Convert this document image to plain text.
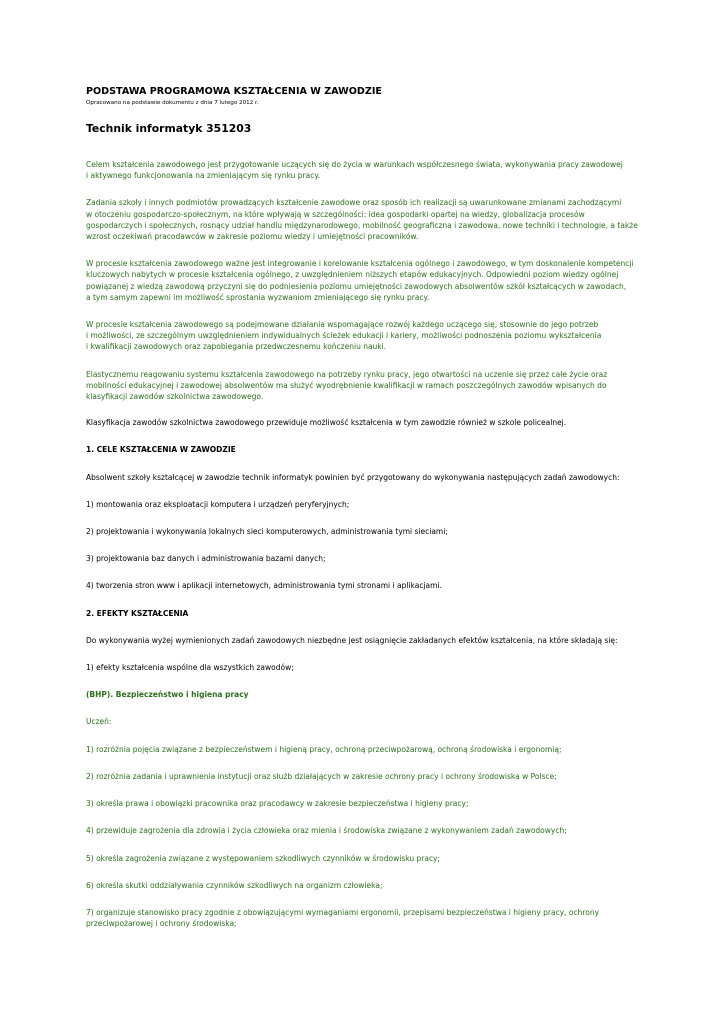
PODSTAWA PROGRAMOWA KSZTAŁCENIA W ZAWODZIE

Opracowano na podstawie dokumentu z dnia 7 lutego 2012 r.

Technik informatyk 351203

Celem kształcenia zawodowego jest przygotowanie uczących się do życia w warunkach współczesnego świata, wykonywania pracy zawodowej
i aktywnego funkcjonowania na zmieniającym się rynku pracy.

Zadania szkoły i innych podmiotów prowadzących kształcenie zawodowe oraz sposób ich realizacji są uwarunkowane zmianami zachodzącymi
w otoczeniu gospodarczo-społecznym, na które wpływają w szczególności: idea gospodarki opartej na wiedzy, globalizacja procesów
gospodarczych i społecznych, rosnący udział handlu międzynarodowego, mobilność geograficzna i zawodowa, nowe techniki i technologie, a także
wzrost oczekiwań pracodawców w zakresie poziomu wiedzy i umiejętności pracowników.

W procesie kształcenia zawodowego ważne jest integrowanie i korelowanie kształcenia ogólnego i zawodowego, w tym doskonalenie kompetencji
kluczowych nabytych w procesie kształcenia ogólnego, z uwzględnieniem niższych etapów edukacyjnych. Odpowiedni poziom wiedzy ogólnej
powiązanej z wiedzą zawodową przyczyni się do podniesienia poziomu umiejętności zawodowych absolwentów szkół kształcących w zawodach,
a tym samym zapewni im możliwość sprostania wyzwaniom zmieniającego się rynku pracy.

W procesie kształcenia zawodowego są podejmowane działania wspomagające rozwój każdego uczącego się, stosownie do jego potrzeb
i możliwości, ze szczególnym uwzględnieniem indywidualnych ścieżek edukacji i kariery, możliwości podnoszenia poziomu wykształcenia
i kwalifikacji zawodowych oraz zapobiegania przedwczesnemu kończeniu nauki.

Elastycznemu reagowaniu systemu kształcenia zawodowego na potrzeby rynku pracy, jego otwartości na uczenie się przez całe życie oraz
mobilności edukacyjnej i zawodowej absolwentów ma służyć wyodrębnienie kwalifikacji w ramach poszczególnych zawodów wpisanych do
klasyfikacji zawodów szkolnictwa zawodowego.

Klasyfikacja zawodów szkolnictwa zawodowego przewiduje możliwość kształcenia w tym zawodzie również w szkole policealnej.

1. CELE KSZTAŁCENIA W ZAWODZIE

Absolwent szkoły kształcącej w zawodzie technik informatyk powinien być przygotowany do wykonywania następujących zadań zawodowych:

1) montowania oraz eksploatacji komputera i urządzeń peryferyjnych;

2) projektowania i wykonywania lokalnych sieci komputerowych, administrowania tymi sieciami;

3) projektowania baz danych i administrowania bazami danych;

4) tworzenia stron www i aplikacji internetowych, administrowania tymi stronami i aplikacjami.

2. EFEKTY KSZTAŁCENIA

Do wykonywania wyżej wymienionych zadań zawodowych niezbędne jest osiągnięcie zakładanych efektów kształcenia, na które składają się:

1) efekty kształcenia wspólne dla wszystkich zawodów;

(BHP). Bezpieczeństwo i higiena pracy

Uczeń:

1) rozróżnia pojęcia związane z bezpieczeństwem i higieną pracy, ochroną przeciwpożarową, ochroną środowiska i ergonomią;

2) rozróżnia zadania i uprawnienia instytucji oraz służb działających w zakresie ochrony pracy i ochrony środowiska w Polsce;

3) określa prawa i obowiązki pracownika oraz pracodawcy w zakresie bezpieczeństwa i higieny pracy;

4) przewiduje zagrożenia dla zdrowia i życia człowieka oraz mienia i środowiska związane z wykonywaniem zadań zawodowych;

5) określa zagrożenia związane z występowaniem szkodliwych czynników w środowisku pracy;

6) określa skutki oddziaływania czynników szkodliwych na organizm człowieka;

7) organizuje stanowisko pracy zgodnie z obowiązującymi wymaganiami ergonomii, przepisami bezpieczeństwa i higieny pracy, ochrony
przeciwpożarowej i ochrony środowiska;
